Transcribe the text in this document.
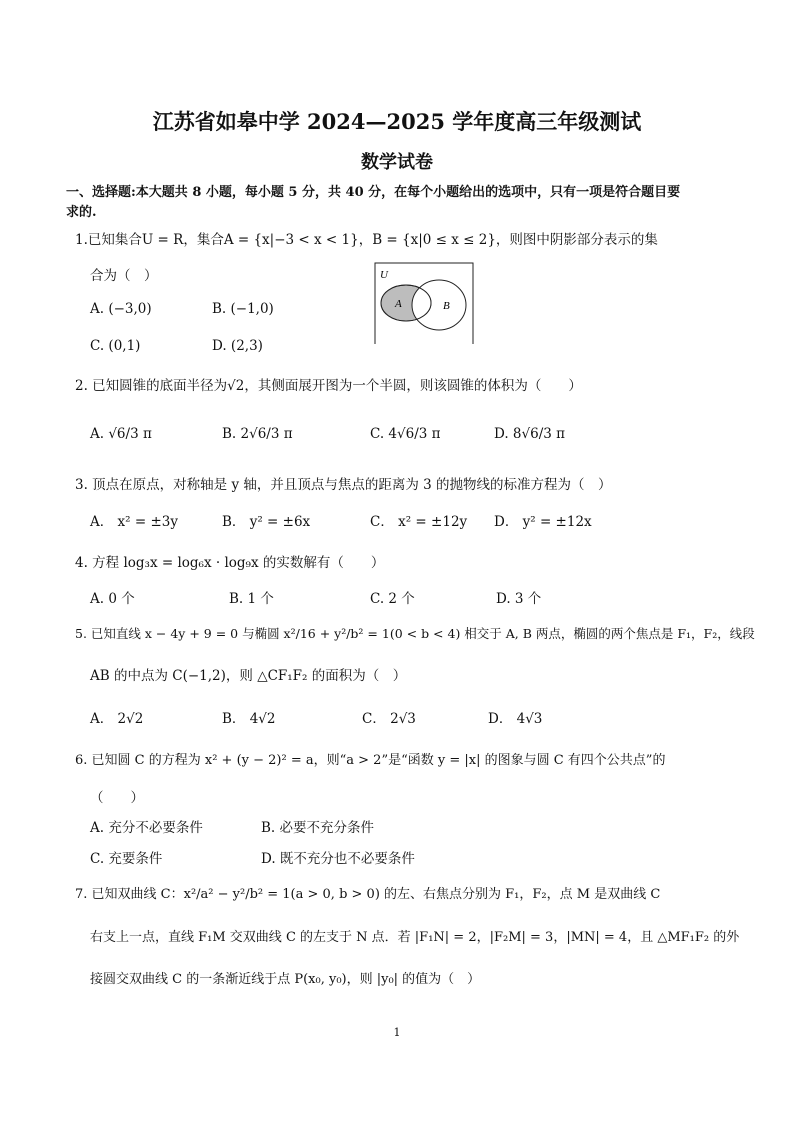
江苏省如皋中学 2024—2025 学年度高三年级测试
数学试卷
一、选择题:本大题共 8 小题，每小题 5 分，共 40 分，在每个小题给出的选项中，只有一项是符合题目要
求的.
1.已知集合U = R，集合A = {x|−3 < x < 1}，B = {x|0 ≤ x ≤ 2}，则图中阴影部分表示的集
合为（　）
A. (−3,0)	B. (−1,0)
C. (0,1)	D. (2,3)
U
A	B
2. 已知圆锥的底面半径为√2，其侧面展开图为一个半圆，则该圆锥的体积为（　　）
A. √6/3 π	B. 2√6/3 π	C. 4√6/3 π	D. 8√6/3 π
3. 顶点在原点，对称轴是 y 轴，并且顶点与焦点的距离为 3 的抛物线的标准方程为（　）
A． x² = ±3y	B． y² = ±6x	C． x² = ±12y D． y² = ±12x
4. 方程 log₃x = log₆x · log₉x 的实数解有（　　）
A. 0 个	B. 1 个	C. 2 个	D. 3 个
5. 已知直线 x − 4y + 9 = 0 与椭圆 x²/16 + y²/b² = 1(0 < b < 4) 相交于 A, B 两点，椭圆的两个焦点是 F₁，F₂，线段
AB 的中点为 C(−1,2)，则 △CF₁F₂ 的面积为（　）
A． 2√2	B． 4√2	C． 2√3	D． 4√3
6. 已知圆 C 的方程为 x² + (y − 2)² = a，则“a > 2”是“函数 y = |x| 的图象与圆 C 有四个公共点”的
（　　）
A. 充分不必要条件	B. 必要不充分条件
C. 充要条件	D. 既不充分也不必要条件
7. 已知双曲线 C：x²/a² − y²/b² = 1(a > 0, b > 0) 的左、右焦点分别为 F₁，F₂，点 M 是双曲线 C
右支上一点，直线 F₁M 交双曲线 C 的左支于 N 点．若 |F₁N| = 2，|F₂M| = 3，|MN| = 4，且 △MF₁F₂ 的外
接圆交双曲线 C 的一条渐近线于点 P(x₀, y₀)，则 |y₀| 的值为（　）
1
